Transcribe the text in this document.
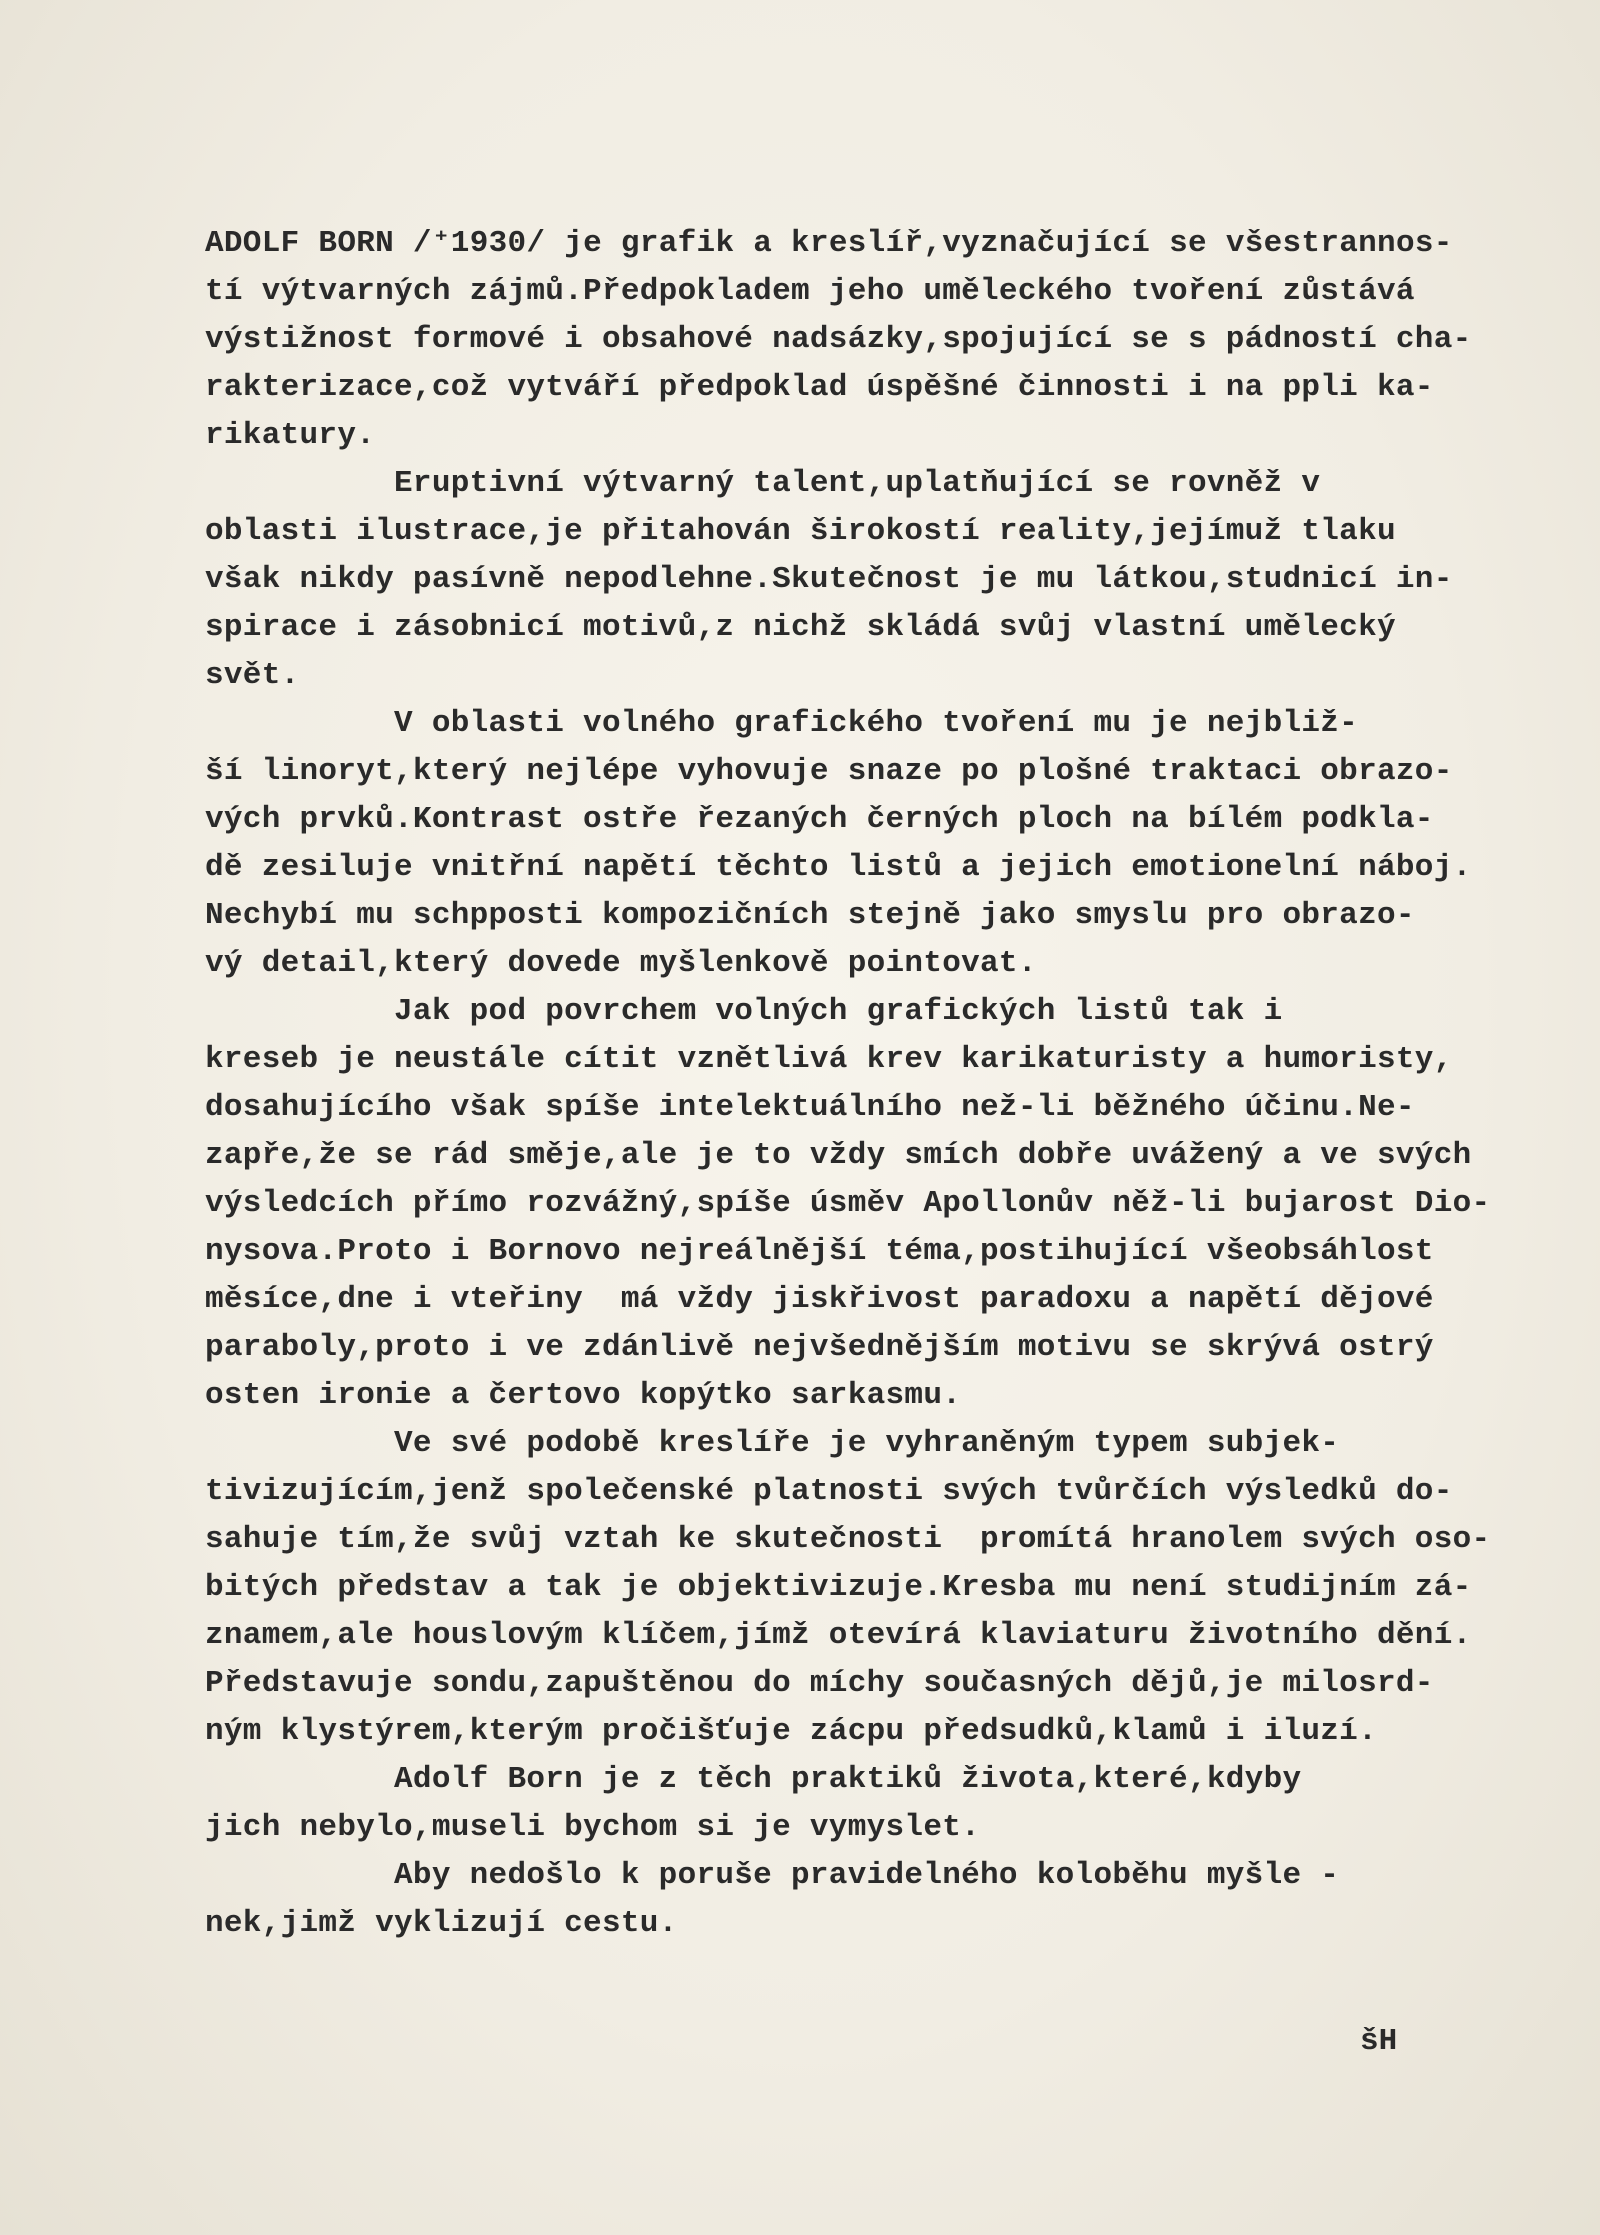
ADOLF BORN /⁺1930/ je grafik a kreslíř,vyznačující se všestrannos-
tí výtvarných zájmů.Předpokladem jeho uměleckého tvoření zůstává
výstižnost formové i obsahové nadsázky,spojující se s pádností cha-
rakterizace,což vytváří předpoklad úspěšné činnosti i na ppli ka-
rikatury.
Eruptivní výtvarný talent,uplatňující se rovněž v
oblasti ilustrace,je přitahován širokostí reality,jejímuž tlaku
však nikdy pasívně nepodlehne.Skutečnost je mu látkou,studnicí in-
spirace i zásobnicí motivů,z nichž skládá svůj vlastní umělecký
svět.
V oblasti volného grafického tvoření mu je nejbliž-
ší linoryt,který nejlépe vyhovuje snaze po plošné traktaci obrazo-
vých prvků.Kontrast ostře řezaných černých ploch na bílém podkla-
dě zesiluje vnitřní napětí těchto listů a jejich emotionelní náboj.
Nechybí mu schpposti kompozičních stejně jako smyslu pro obrazo-
vý detail,který dovede myšlenkově pointovat.
Jak pod povrchem volných grafických listů tak i
kreseb je neustále cítit vznětlivá krev karikaturisty a humoristy,
dosahujícího však spíše intelektuálního než-li běžného účinu.Ne-
zapře,že se rád směje,ale je to vždy smích dobře uvážený a ve svých
výsledcích přímo rozvážný,spíše úsměv Apollonův něž-li bujarost Dio-
nysova.Proto i Bornovo nejreálnější téma,postihující všeobsáhlost
měsíce,dne i vteřiny  má vždy jiskřivost paradoxu a napětí dějové
paraboly,proto i ve zdánlivě nejvšednějším motivu se skrývá ostrý
osten ironie a čertovo kopýtko sarkasmu.
Ve své podobě kreslíře je vyhraněným typem subjek-
tivizujícím,jenž společenské platnosti svých tvůrčích výsledků do-
sahuje tím,že svůj vztah ke skutečnosti  promítá hranolem svých oso-
bitých představ a tak je objektivizuje.Kresba mu není studijním zá-
znamem,ale houslovým klíčem,jímž otevírá klaviaturu životního dění.
Představuje sondu,zapuštěnou do míchy současných dějů,je milosrd-
ným klystýrem,kterým pročišťuje zácpu předsudků,klamů i iluzí.
Adolf Born je z těch praktiků života,které,kdyby
jich nebylo,museli bychom si je vymyslet.
Aby nedošlo k poruše pravidelného koloběhu myšle -
nek,jimž vyklizují cestu.
šH
